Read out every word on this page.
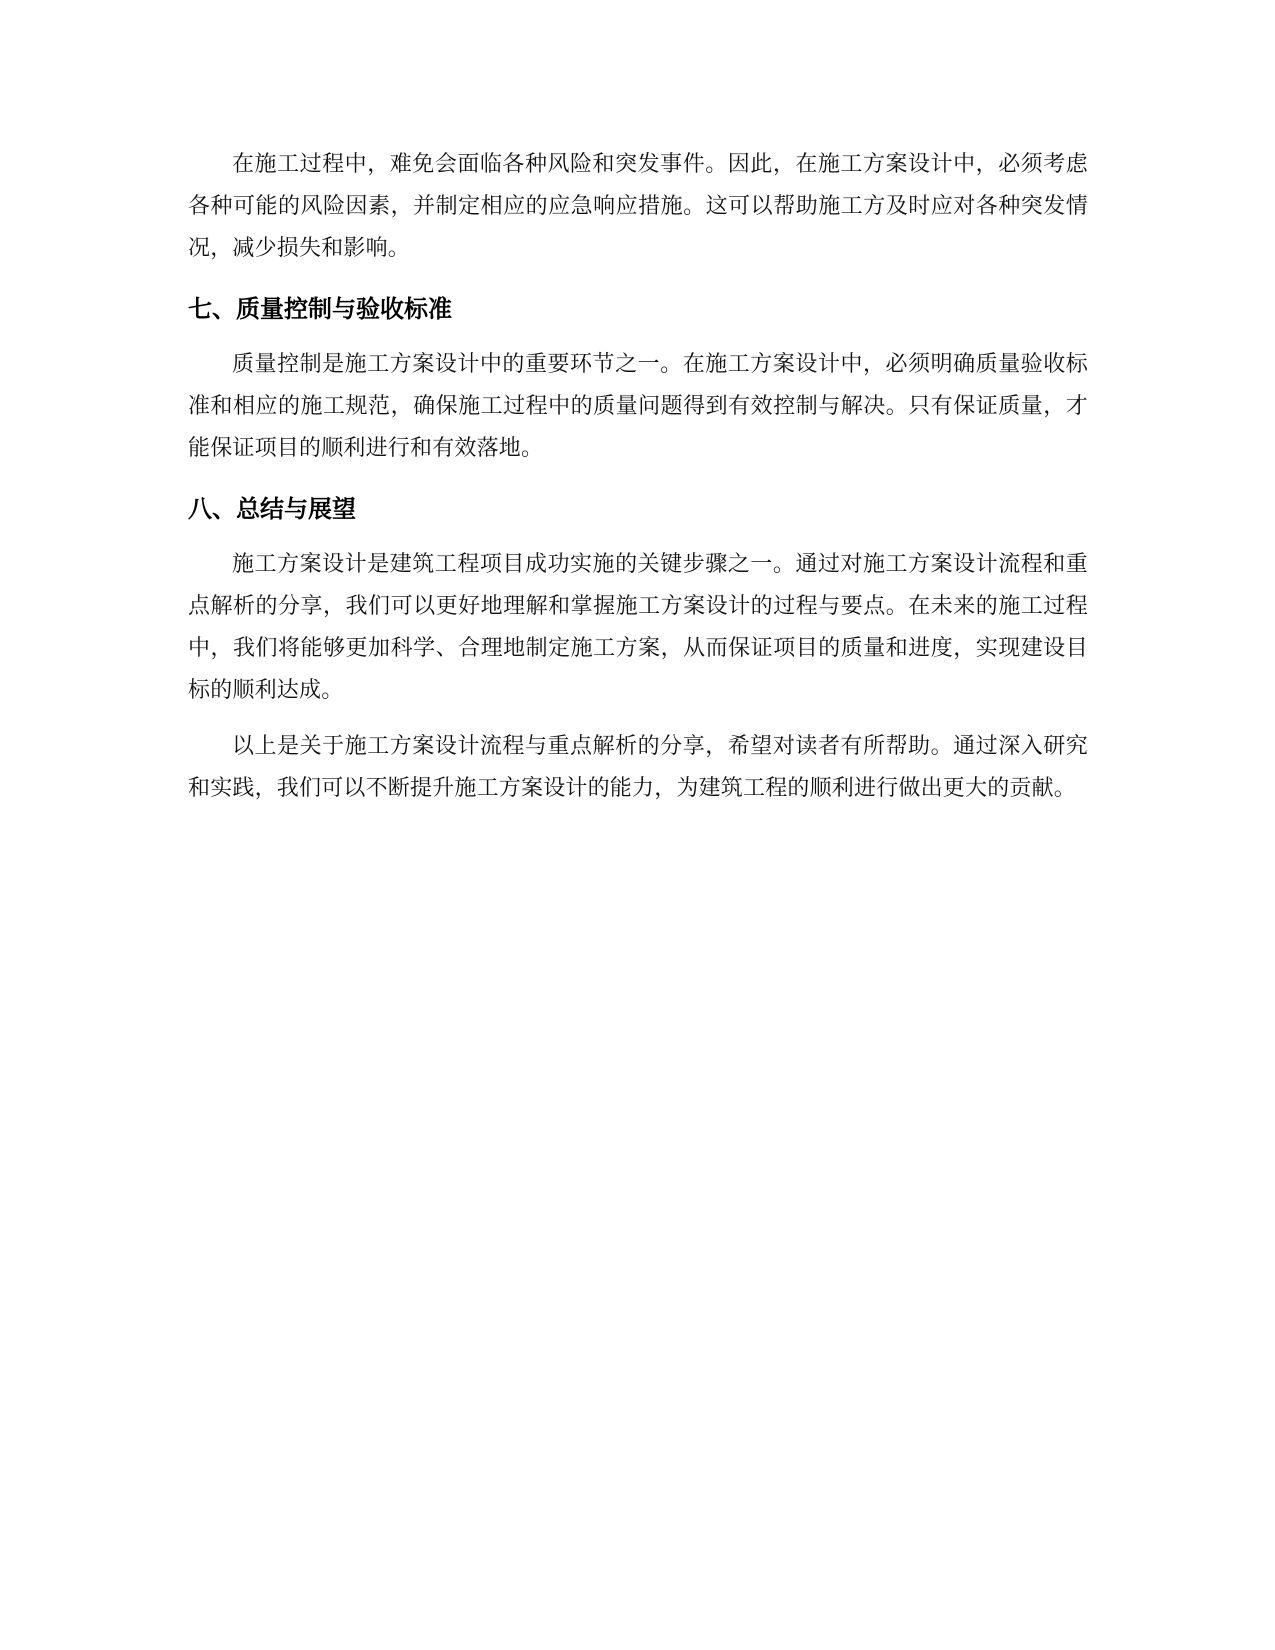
在施工过程中，难免会面临各种风险和突发事件。因此，在施工方案设计中，必须考虑各种可能的风险因素，并制定相应的应急响应措施。这可以帮助施工方及时应对各种突发情况，减少损失和影响。

七、质量控制与验收标准

质量控制是施工方案设计中的重要环节之一。在施工方案设计中，必须明确质量验收标准和相应的施工规范，确保施工过程中的质量问题得到有效控制与解决。只有保证质量，才能保证项目的顺利进行和有效落地。

八、总结与展望

施工方案设计是建筑工程项目成功实施的关键步骤之一。通过对施工方案设计流程和重点解析的分享，我们可以更好地理解和掌握施工方案设计的过程与要点。在未来的施工过程中，我们将能够更加科学、合理地制定施工方案，从而保证项目的质量和进度，实现建设目标的顺利达成。

以上是关于施工方案设计流程与重点解析的分享，希望对读者有所帮助。通过深入研究和实践，我们可以不断提升施工方案设计的能力，为建筑工程的顺利进行做出更大的贡献。
